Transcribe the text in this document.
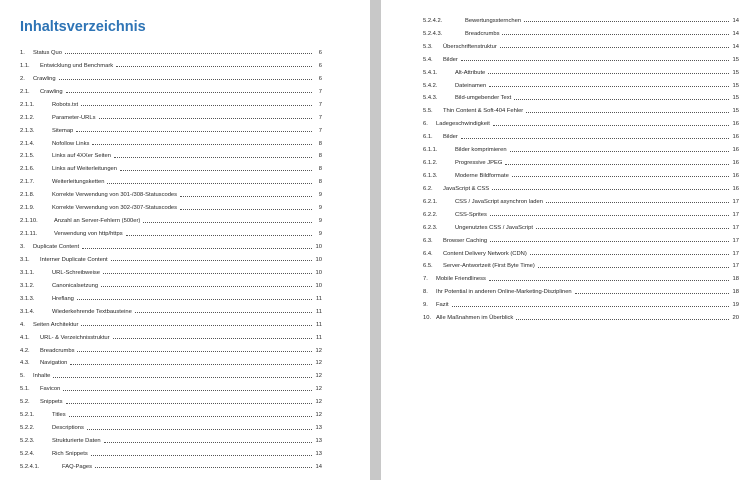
Inhaltsverzeichnis
1. Status Quo	6
1.1. Entwicklung und Benchmark	6
2. Crawling	6
2.1. Crawling	7
2.1.1.	Robots.txt	7
2.1.2.	Parameter-URLs	7
2.1.3.	Sitemap	7
2.1.4.	Nofollow Links	8
2.1.5.	Links auf 4XXer Seiten	8
2.1.6.	Links auf Weiterleitungen	8
2.1.7.	Weiterleitungsketten	8
2.1.8.	Korrekte Verwendung von 301-/308-Statuscodes	9
2.1.9.	Korrekte Verwendung von 302-/307-Statuscodes	9
2.1.10.	Anzahl an Server-Fehlern (500er)	9
2.1.11.	Verwendung von http/https	9
3. Duplicate Content	10
3.1. Interner Duplicate Content	10
3.1.1.	URL-Schreibweise	10
3.1.2.	Canonicalsetzung	10
3.1.3.	Hreflang	11
3.1.4.	Wiederkehrende Textbausteine	11
4. Seiten Architektur	11
4.1. URL- & Verzeichnisstruktur	11
4.2. Breadcrumbs	12
4.3. Navigation	12
5. Inhalte	12
5.1. Favicon	12
5.2. Snippets	12
5.2.1.	Titles	12
5.2.2.	Descriptions	13
5.2.3.	Strukturierte Daten	13
5.2.4.	Rich Snippets	13
5.2.4.1.	FAQ-Pages	14
5.2.4.2.	Bewertungssternchen	14
5.2.4.3.	Breadcrumbs	14
5.3. Überschriftenstruktur	14
5.4. Bilder	15
5.4.1.	Alt-Attribute	15
5.4.2.	Dateinamen	15
5.4.3.	Bild-umgebender Text	15
5.5. Thin Content & Soft-404 Fehler	15
6. Ladegeschwindigkeit	16
6.1. Bilder	16
6.1.1.	Bilder komprimieren	16
6.1.2.	Progressive JPEG	16
6.1.3.	Moderne Bildformate	16
6.2. JavaScript & CSS	16
6.2.1.	CSS / JavaScript asynchron laden	17
6.2.2.	CSS-Sprites	17
6.2.3.	Ungenutztes CSS / JavaScript	17
6.3. Browser Caching	17
6.4. Content Delivery Network (CDN)	17
6.5. Server-Antwortzeit (First Byte Time)	17
7. Mobile Friendliness	18
8. Ihr Potential in anderen Online-Marketing-Disziplinen	18
9. Fazit	19
10. Alle Maßnahmen im Überblick	20
